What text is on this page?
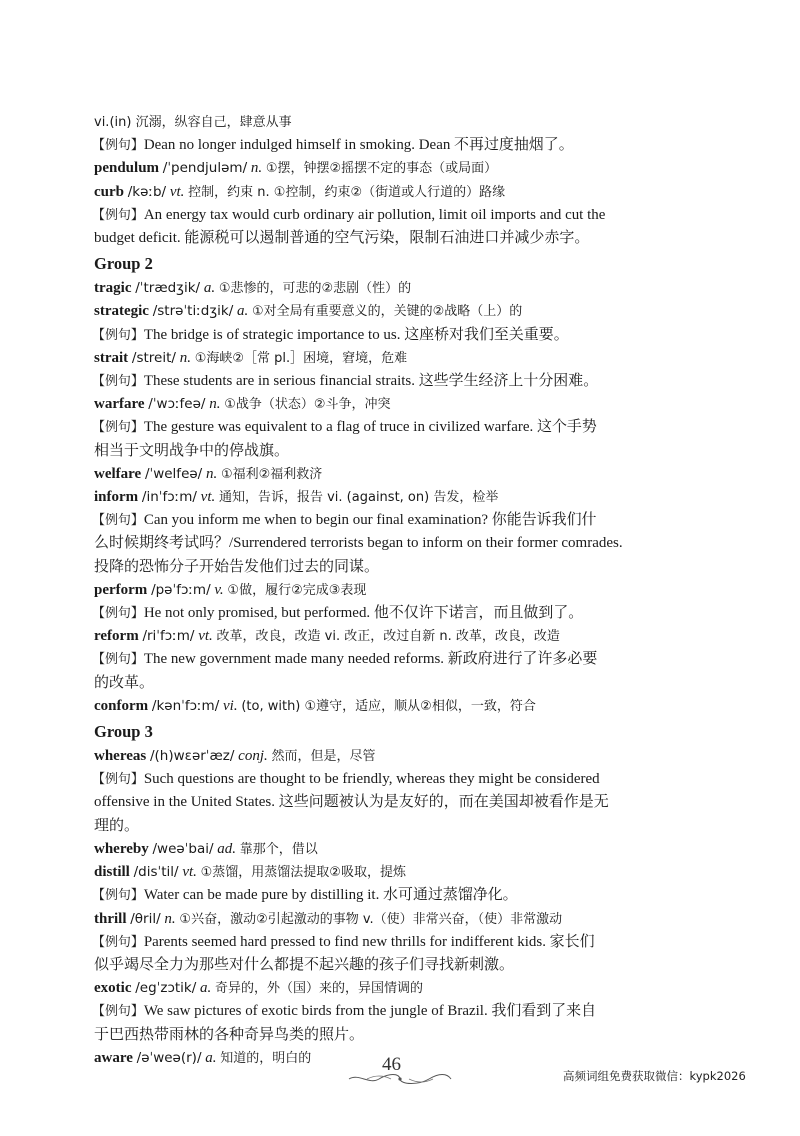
vi.(in) 沉溺，纵容自己，肆意从事
【例句】Dean no longer indulged himself in smoking. Dean 不再过度抽烟了。
pendulum /ˈpendjuləm/ n. ①摆，钟摆②摇摆不定的事态（或局面）
curb /kəːb/ vt. 控制，约束 n. ①控制，约束②（街道或人行道的）路缘
【例句】An energy tax would curb ordinary air pollution, limit oil imports and cut the
budget deficit. 能源税可以遏制普通的空气污染，限制石油进口并减少赤字。
Group 2
tragic /ˈtrædʒik/ a. ①悲惨的，可悲的②悲剧（性）的
strategic /strəˈtiːdʒik/ a. ①对全局有重要意义的，关键的②战略（上）的
【例句】The bridge is of strategic importance to us. 这座桥对我们至关重要。
strait /streit/ n. ①海峡②［常 pl.］困境，窘境，危难
【例句】These students are in serious financial straits. 这些学生经济上十分困难。
warfare /ˈwɔːfeə/ n. ①战争（状态）②斗争，冲突
【例句】The gesture was equivalent to a flag of truce in civilized warfare. 这个手势
相当于文明战争中的停战旗。
welfare /ˈwelfeə/ n. ①福利②福利救济
inform /inˈfɔːm/ vt. 通知，告诉，报告 vi. (against, on) 告发，检举
【例句】Can you inform me when to begin our final examination? 你能告诉我们什
么时候期终考试吗？/Surrendered terrorists began to inform on their former comrades.
投降的恐怖分子开始告发他们过去的同谋。
perform /pəˈfɔːm/ v. ①做，履行②完成③表现
【例句】He not only promised, but performed. 他不仅许下诺言，而且做到了。
reform /riˈfɔːm/ vt. 改革，改良，改造 vi. 改正，改过自新 n. 改革，改良，改造
【例句】The new government made many needed reforms. 新政府进行了许多必要
的改革。
conform /kənˈfɔːm/ vi. (to, with) ①遵守，适应，顺从②相似，一致，符合
Group 3
whereas /(h)wɛərˈæz/ conj. 然而，但是，尽管
【例句】Such questions are thought to be friendly, whereas they might be considered
offensive in the United States. 这些问题被认为是友好的，而在美国却被看作是无
理的。
whereby /weəˈbai/ ad. 靠那个，借以
distill /disˈtil/ vt. ①蒸馏，用蒸馏法提取②吸取，提炼
【例句】Water can be made pure by distilling it. 水可通过蒸馏净化。
thrill /θril/ n. ①兴奋，激动②引起激动的事物 v.（使）非常兴奋，（使）非常激动
【例句】Parents seemed hard pressed to find new thrills for indifferent kids. 家长们
似乎竭尽全力为那些对什么都提不起兴趣的孩子们寻找新刺激。
exotic /egˈzɔtik/ a. 奇异的，外（国）来的，异国情调的
【例句】We saw pictures of exotic birds from the jungle of Brazil. 我们看到了来自
于巴西热带雨林的各种奇异鸟类的照片。
aware /əˈweə(r)/ a. 知道的，明白的	46
高频词组免费获取微信：kypk2026
